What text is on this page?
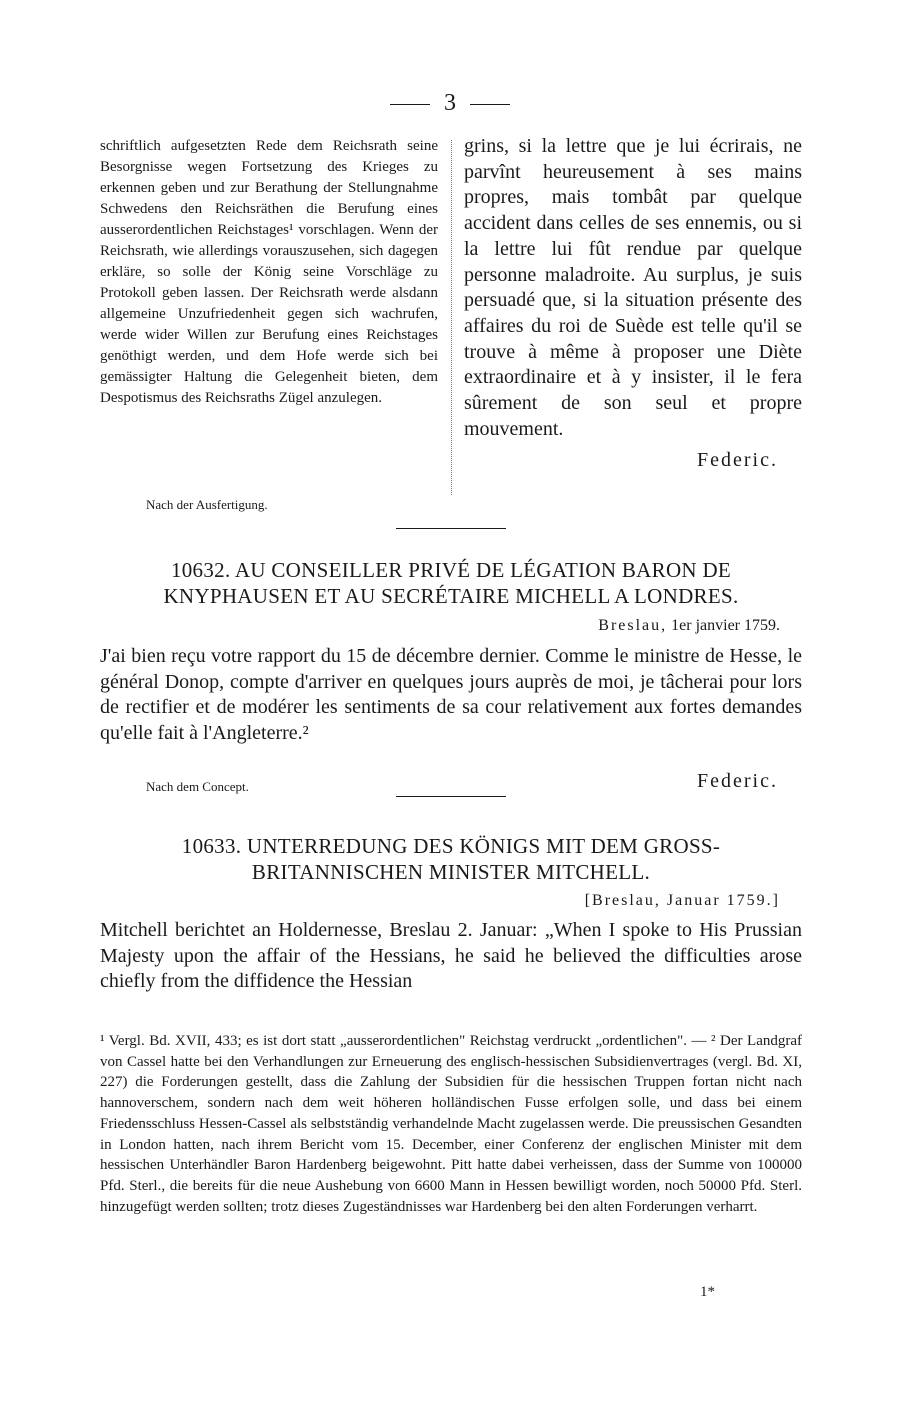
3
schriftlich aufgesetzten Rede dem Reichsrath seine Besorgnisse wegen Fortsetzung des Krieges zu erkennen geben und zur Berathung der Stellungnahme Schwedens den Reichsräthen die Berufung eines ausserordentlichen Reichstages¹ vorschlagen. Wenn der Reichsrath, wie allerdings vorauszusehen, sich dagegen erkläre, so solle der König seine Vorschläge zu Protokoll geben lassen. Der Reichsrath werde alsdann allgemeine Unzufriedenheit gegen sich wachrufen, werde wider Willen zur Berufung eines Reichstages genöthigt werden, und dem Hofe werde sich bei gemässigter Haltung die Gelegenheit bieten, dem Despotismus des Reichsraths Zügel anzulegen.
grins, si la lettre que je lui écrirais, ne parvînt heureusement à ses mains propres, mais tombât par quelque accident dans celles de ses ennemis, ou si la lettre lui fût rendue par quelque personne maladroite. Au surplus, je suis persuadé que, si la situation présente des affaires du roi de Suède est telle qu'il se trouve à même à proposer une Diète extraordinaire et à y insister, il le fera sûrement de son seul et propre mouvement.
Federic.
Nach der Ausfertigung.
10632. AU CONSEILLER PRIVÉ DE LÉGATION BARON DE
KNYPHAUSEN ET AU SECRÉTAIRE MICHELL A LONDRES.
Breslau, 1er janvier 1759.
J'ai bien reçu votre rapport du 15 de décembre dernier. Comme le ministre de Hesse, le général Donop, compte d'arriver en quelques jours auprès de moi, je tâcherai pour lors de rectifier et de modérer les sentiments de sa cour relativement aux fortes demandes qu'elle fait à l'Angleterre.²
Nach dem Concept.	Federic.
10633. UNTERREDUNG DES KÖNIGS MIT DEM GROSS-
BRITANNISCHEN MINISTER MITCHELL.
[Breslau, Januar 1759.]
Mitchell berichtet an Holdernesse, Breslau 2. Januar: „When I spoke to His Prussian Majesty upon the affair of the Hessians, he said he believed the difficulties arose chiefly from the diffidence the Hessian
¹ Vergl. Bd. XVII, 433; es ist dort statt „ausserordentlichen" Reichstag verdruckt „ordentlichen". — ² Der Landgraf von Cassel hatte bei den Verhandlungen zur Erneuerung des englisch-hessischen Subsidienvertrages (vergl. Bd. XI, 227) die Forderungen gestellt, dass die Zahlung der Subsidien für die hessischen Truppen fortan nicht nach hannoverschem, sondern nach dem weit höheren holländischen Fusse erfolgen solle, und dass bei einem Friedensschluss Hessen-Cassel als selbstständig verhandelnde Macht zugelassen werde. Die preussischen Gesandten in London hatten, nach ihrem Bericht vom 15. December, einer Conferenz der englischen Minister mit dem hessischen Unterhändler Baron Hardenberg beigewohnt. Pitt hatte dabei verheissen, dass der Summe von 100000 Pfd. Sterl., die bereits für die neue Aushebung von 6600 Mann in Hessen bewilligt worden, noch 50000 Pfd. Sterl. hinzugefügt werden sollten; trotz dieses Zugeständnisses war Hardenberg bei den alten Forderungen verharrt.
1*
